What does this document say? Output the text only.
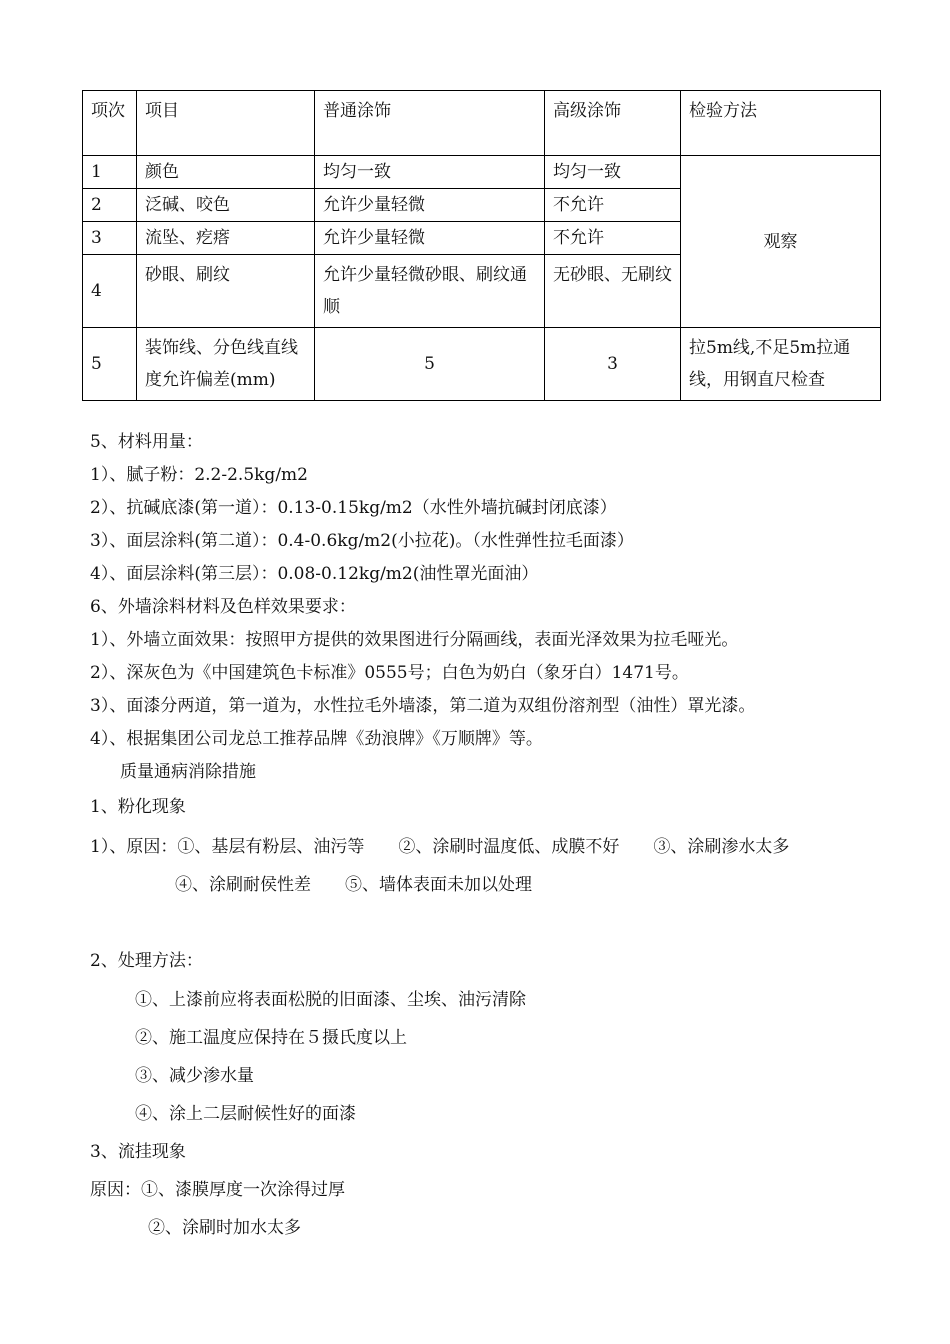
项次	项目	普通涂饰	高级涂饰	检验方法
1	颜色	均匀一致	均匀一致	观察
2	泛碱、咬色	允许少量轻微	不允许	
3	流坠、疙瘩	允许少量轻微	不允许	
4	砂眼、刷纹	允许少量轻微砂眼、刷纹通顺	无砂眼、无刷纹	
5	装饰线、分色线直线度允许偏差(mm)	5	3	拉5m线,不足5m拉通线，用钢直尺检查
5、材料用量：
1）、腻子粉：2.2-2.5kg/m2
2）、抗碱底漆(第一道）：0.13-0.15kg/m2（水性外墙抗碱封闭底漆）
3）、面层涂料(第二道）：0.4-0.6kg/m2(小拉花)。（水性弹性拉毛面漆）
4）、面层涂料(第三层）：0.08-0.12kg/m2(油性罩光面油）
6、外墙涂料材料及色样效果要求：
1）、外墙立面效果：按照甲方提供的效果图进行分隔画线，表面光泽效果为拉毛哑光。
2）、深灰色为《中国建筑色卡标准》0555号；白色为奶白（象牙白）1471号。
3）、面漆分两道，第一道为，水性拉毛外墙漆，第二道为双组份溶剂型（油性）罩光漆。
4）、根据集团公司龙总工推荐品牌《劲浪牌》《万顺牌》等。
质量通病消除措施
1、粉化现象
1）、原因：①、基层有粉层、油污等　　②、涂刷时温度低、成膜不好　　③、涂刷渗水太多
④、涂刷耐侯性差　　⑤、墙体表面未加以处理
2、处理方法：
①、上漆前应将表面松脱的旧面漆、尘埃、油污清除
②、施工温度应保持在５摄氏度以上
③、减少渗水量
④、涂上二层耐候性好的面漆
3、流挂现象
原因：①、漆膜厚度一次涂得过厚
②、涂刷时加水太多
